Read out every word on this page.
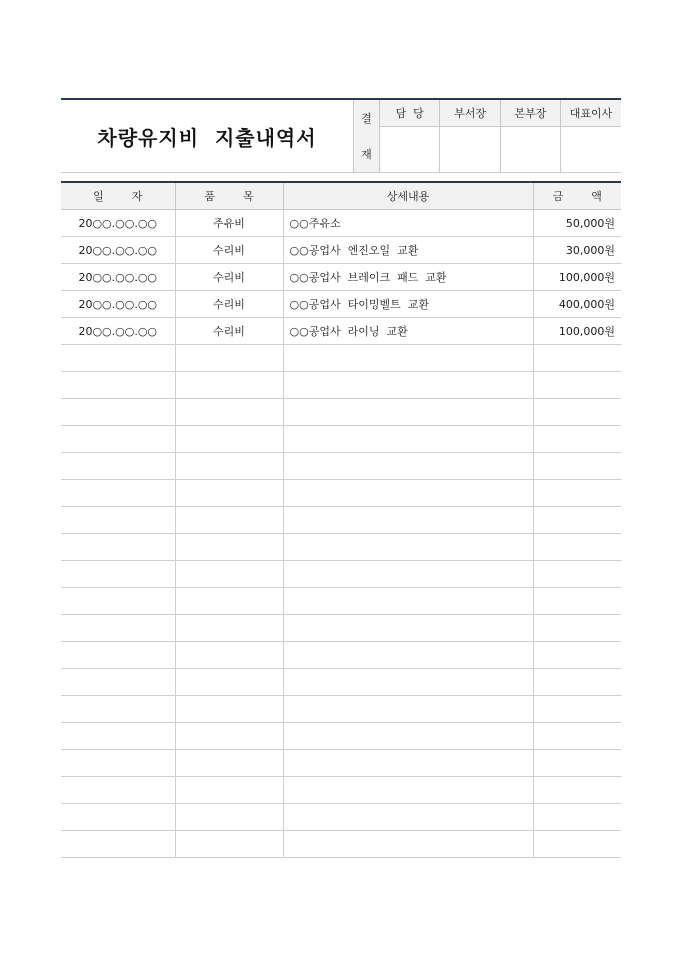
차량유지비  지출내역서
결
재	담  당	부서장	본부장	대표이사

일        자	품        목	상세내용	금        액
20○○.○○.○○	주유비	○○주유소	50,000원
20○○.○○.○○	수리비	○○공업사  엔진오일  교환	30,000원
20○○.○○.○○	수리비	○○공업사  브레이크  패드  교환	100,000원
20○○.○○.○○	수리비	○○공업사  타이밍벨트  교환	400,000원
20○○.○○.○○	수리비	○○공업사  라이닝  교환	100,000원
